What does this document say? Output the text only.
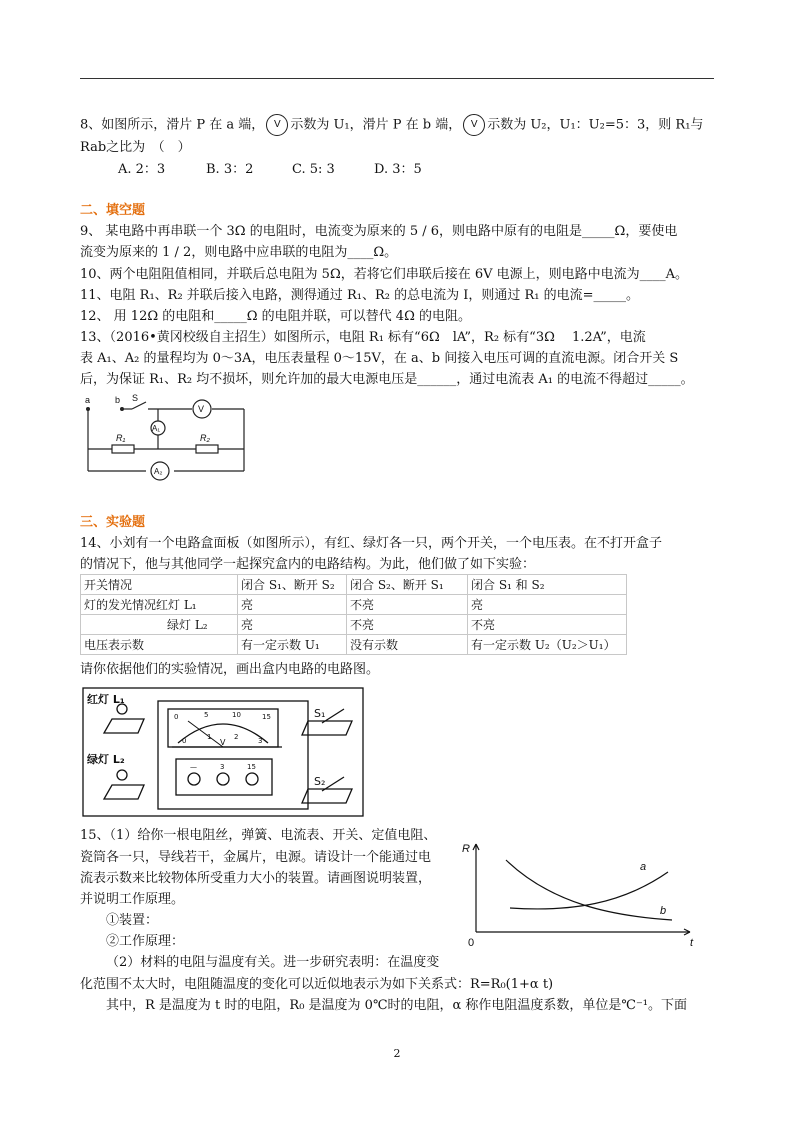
8、如图所示，滑片 P 在 a 端， V 示数为 U₁，滑片 P 在 b 端， V 示数为 U₂，U₁：U₂=5：3，则 R₁与
Rab之比为　（　）
A. 2：3	B. 3：2	C. 5: 3	D. 3：5
二、填空题
9、 某电路中再串联一个 3Ω 的电阻时，电流变为原来的 5 / 6，则电路中原有的电阻是_____Ω，要使电
流变为原来的 1 / 2，则电路中应串联的电阻为____Ω。
10、两个电阻阻值相同，并联后总电阻为 5Ω，若将它们串联后接在 6V 电源上，则电路中电流为____A。
11、电阻 R₁、R₂ 并联后接入电路，测得通过 R₁、R₂ 的总电流为 I，则通过 R₁ 的电流=_____。
12、 用 12Ω 的电阻和_____Ω 的电阻并联，可以替代 4Ω 的电阻。
13、（2016•黄冈校级自主招生）如图所示，电阻 R₁ 标有“6Ω　lA”，R₂ 标有“3Ω　 1.2A”，电流
表 A₁、A₂ 的量程均为 0～3A，电压表量程 0～15V，在 a、b 间接入电压可调的直流电源。闭合开关 S
后，为保证 R₁、R₂ 均不损坏，则允许加的最大电源电压是______，通过电流表 A₁ 的电流不得超过_____。
a	b S
V
A₁
A₂
R₁	R₂
三、实验题
14、小刘有一个电路盒面板（如图所示），有红、绿灯各一只，两个开关，一个电压表。在不打开盒子
的情况下，他与其他同学一起探究盒内的电路结构。为此，他们做了如下实验：
开关情况	闭合 S₁、断开 S₂	闭合 S₂、断开 S₁	闭合 S₁ 和 S₂
灯的发光情况红灯 L₁	亮	不亮	亮
绿灯 L₂	亮	不亮	不亮
电压表示数	有一定示数 U₁	没有示数	有一定示数 U₂（U₂＞U₁）
请你依据他们的实验情况，画出盒内电路的电路图。
红灯 L₁
绿灯 L₂
S₁
S₂
0	5	10	15
0	1	2	3
V
—	3	15
15、（1）给你一根电阻丝，弹簧、电流表、开关、定值电阻、
瓷筒各一只，导线若干，金属片，电源。请设计一个能通过电
流表示数来比较物体所受重力大小的装置。请画图说明装置，
并说明工作原理。
①装置：
②工作原理：
（2）材料的电阻与温度有关。进一步研究表明：在温度变
化范围不太大时，电阻随温度的变化可以近似地表示为如下关系式：R=R₀(1+α t)
其中，R 是温度为 t 时的电阻，R₀ 是温度为 0℃时的电阻，α 称作电阻温度系数，单位是℃⁻¹。下面
R
t
0
a
b
2
